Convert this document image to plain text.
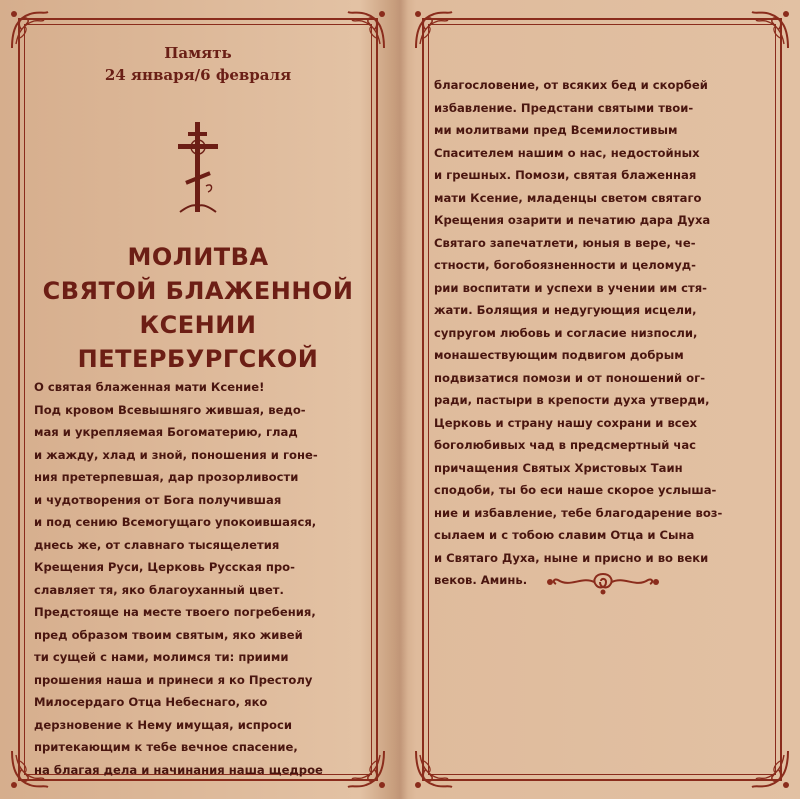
Память
24 января/6 февраля
МОЛИТВА
СВЯТОЙ БЛАЖЕННОЙ
КСЕНИИ
ПЕТЕРБУРГСКОЙ
О святая блаженная мати Ксение!
Под кровом Всевышняго жившая, ведо-
мая и укрепляемая Богоматерию, глад
и жажду, хлад и зной, поношения и гоне-
ния претерпевшая, дар прозорливости
и чудотворения от Бога получившая
и под сению Всемогущаго упокоившаяся,
днесь же, от славнаго тысящелетия
Крещения Руси, Церковь Русская про-
славляет тя, яко благоуханный цвет.
Предстояще на месте твоего погребения,
пред образом твоим святым, яко живей
ти сущей с нами, молимся ти: приими
прошения наша и принеси я ко Престолу
Милосердаго Отца Небеснаго, яко
дерзновение к Нему имущая, испроси
притекающим к тебе вечное спасение,
на благая дела и начинания наша щедрое
благословение, от всяких бед и скорбей
избавление. Предстани святыми твои-
ми молитвами пред Всемилостивым
Спасителем нашим о нас, недостойных
и грешных. Помози, святая блаженная
мати Ксение, младенцы светом святаго
Крещения озарити и печатию дара Духа
Святаго запечатлети, юныя в вере, че-
стности, богобоязненности и целомуд-
рии воспитати и успехи в учении им стя-
жати. Болящия и недугующия исцели,
супругом любовь и согласие низпосли,
монашествующим подвигом добрым
подвизатися помози и от поношений ог-
ради, пастыри в крепости духа утверди,
Церковь и страну нашу сохрани и всех
боголюбивых чад в предсмертный час
причащения Святых Христовых Таин
сподоби, ты бо еси наше скорое услыша-
ние и избавление, тебе благодарение воз-
сылаем и с тобою славим Отца и Сына
и Святаго Духа, ныне и присно и во веки
веков. Аминь.
